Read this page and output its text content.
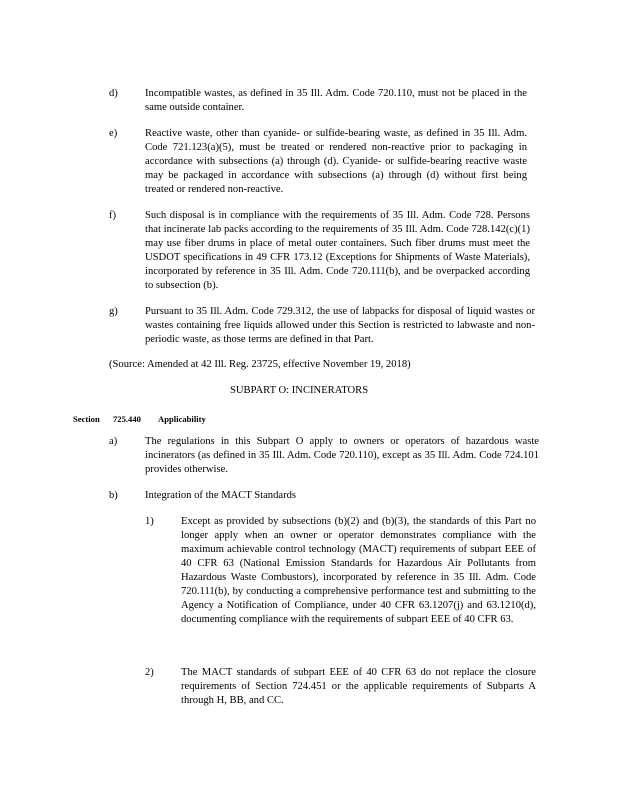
d)	Incompatible wastes, as defined in 35 Ill. Adm. Code 720.110, must not be placed in the same outside container.
e)	Reactive waste, other than cyanide- or sulfide-bearing waste, as defined in 35 Ill. Adm. Code 721.123(a)(5), must be treated or rendered non-reactive prior to packaging in accordance with subsections (a) through (d). Cyanide- or sulfide-bearing reactive waste may be packaged in accordance with subsections (a) through (d) without first being treated or rendered non-reactive.
f)	Such disposal is in compliance with the requirements of 35 Ill. Adm. Code 728. Persons that incinerate lab packs according to the requirements of 35 Ill. Adm. Code 728.142(c)(1) may use fiber drums in place of metal outer containers. Such fiber drums must meet the USDOT specifications in 49 CFR 173.12 (Exceptions for Shipments of Waste Materials), incorporated by reference in 35 Ill. Adm. Code 720.111(b), and be overpacked according to subsection (b).
g)	Pursuant to 35 Ill. Adm. Code 729.312, the use of labpacks for disposal of liquid wastes or wastes containing free liquids allowed under this Section is restricted to labwaste and non-periodic waste, as those terms are defined in that Part.
(Source: Amended at 42 Ill. Reg. 23725, effective November 19, 2018)
SUBPART O: INCINERATORS
Section 725.440 Applicability
a)	The regulations in this Subpart O apply to owners or operators of hazardous waste incinerators (as defined in 35 Ill. Adm. Code 720.110), except as 35 Ill. Adm. Code 724.101 provides otherwise.
b)	Integration of the MACT Standards
1)	Except as provided by subsections (b)(2) and (b)(3), the standards of this Part no longer apply when an owner or operator demonstrates compliance with the maximum achievable control technology (MACT) requirements of subpart EEE of 40 CFR 63 (National Emission Standards for Hazardous Air Pollutants from Hazardous Waste Combustors), incorporated by reference in 35 Ill. Adm. Code 720.111(b), by conducting a comprehensive performance test and submitting to the Agency a Notification of Compliance, under 40 CFR 63.1207(j) and 63.1210(d), documenting compliance with the requirements of subpart EEE of 40 CFR 63.
2)	The MACT standards of subpart EEE of 40 CFR 63 do not replace the closure requirements of Section 724.451 or the applicable requirements of Subparts A through H, BB, and CC.
